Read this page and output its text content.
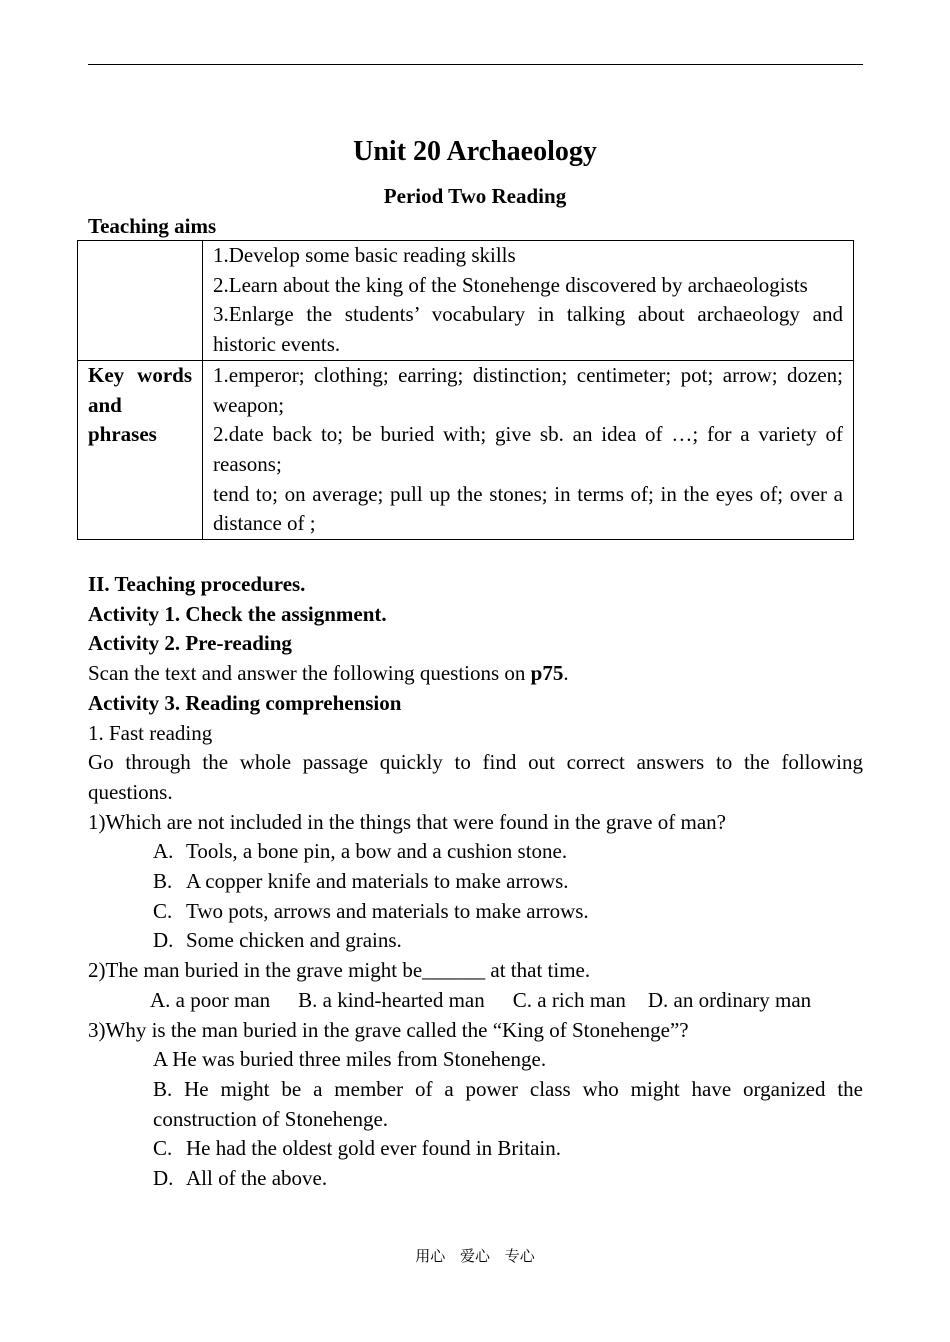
Unit 20 Archaeology
Period Two Reading
Teaching aims

	1.Develop some basic reading skills
2.Learn about the king of the Stonehenge discovered by archaeologists
3.Enlarge the students’ vocabulary in talking about archaeology and historic events.

Key words and phrases	1.emperor; clothing; earring; distinction; centimeter; pot; arrow; dozen; weapon;
2.date back to; be buried with; give sb. an idea of …; for a variety of reasons;
tend to; on average; pull up the stones; in terms of; in the eyes of; over a distance of ;

II. Teaching procedures.

Activity 1. Check the assignment.

Activity 2. Pre-reading

Scan the text and answer the following questions on p75.

Activity 3. Reading comprehension

1. Fast reading

Go through the whole passage quickly to find out correct answers to the following questions.

1)Which are not included in the things that were found in the grave of man?

A. Tools, a bone pin, a bow and a cushion stone.
B. A copper knife and materials to make arrows.
C. Two pots, arrows and materials to make arrows.
D. Some chicken and grains.

2)The man buried in the grave might be______ at that time.

A. a poor man B. a kind-hearted man C. a rich man D. an ordinary man

3)Why is the man buried in the grave called the “King of Stonehenge”?

A He was buried three miles from Stonehenge.

B. He might be a member of a power class who might have organized the construction of Stonehenge.

C. He had the oldest gold ever found in Britain.
D. All of the above.
用心 爱心 专心
